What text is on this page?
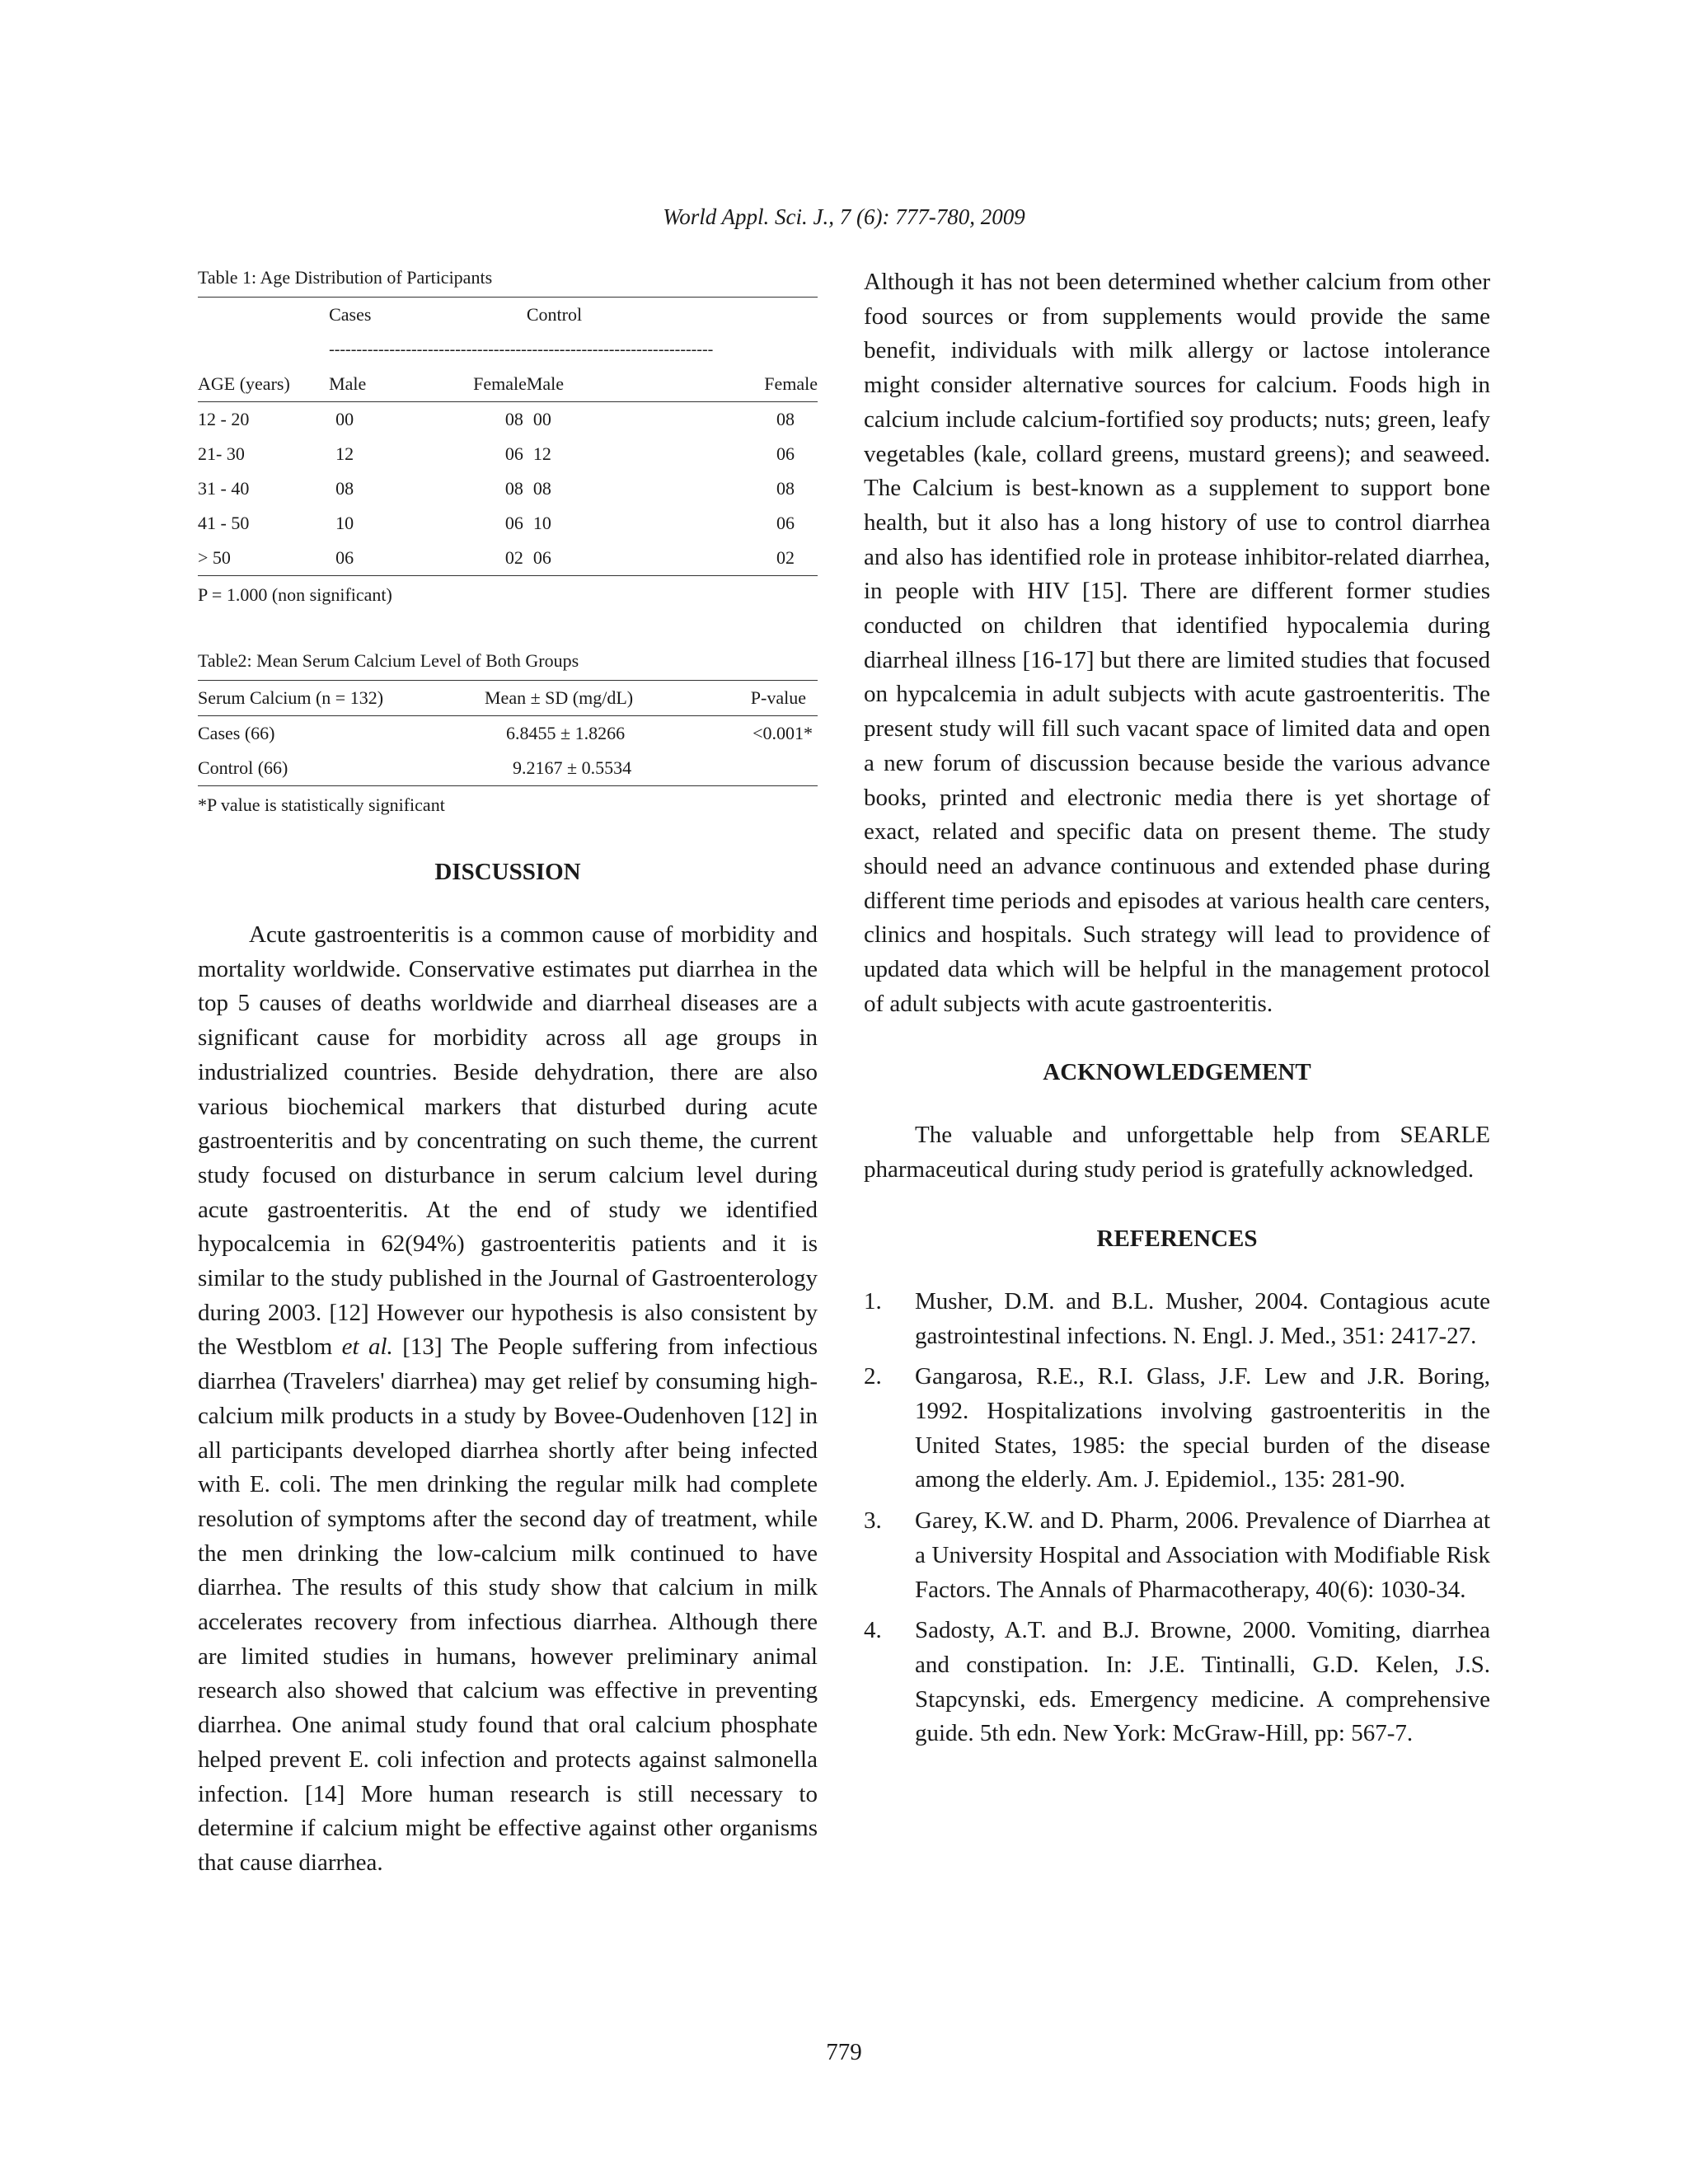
World Appl. Sci. J., 7 (6): 777-780, 2009
Table 1: Age Distribution of Participants
	Cases		Control	
	------------------------------------		----------------------------------	
AGE (years)	Male	Female	Male	Female
12 - 20	00	08	00	08
21- 30	12	06	12	06
31 - 40	08	08	08	08
41 - 50	10	06	10	06
> 50	06	02	06	02
P = 1.000 (non significant)
Table2: Mean Serum Calcium Level of Both Groups
Serum Calcium (n = 132)	Mean ± SD (mg/dL)	P-value
Cases (66)	6.8455 ± 1.8266	<0.001*
Control (66)	9.2167 ± 0.5534	
*P value is statistically significant
DISCUSSION

Acute gastroenteritis is a common cause of morbidity and mortality worldwide. Conservative estimates put diarrhea in the top 5 causes of deaths worldwide and diarrheal diseases are a significant cause for morbidity across all age groups in industrialized countries. Beside dehydration, there are also various biochemical markers that disturbed during acute gastroenteritis and by concentrating on such theme, the current study focused on disturbance in serum calcium level during acute gastroenteritis. At the end of study we identified hypocalcemia in 62(94%) gastroenteritis patients and it is similar to the study published in the Journal of Gastroenterology during 2003. [12] However our hypothesis is also consistent by the Westblom et al. [13] The People suffering from infectious diarrhea (Travelers' diarrhea) may get relief by consuming high-calcium milk products in a study by Bovee-Oudenhoven [12] in all participants developed diarrhea shortly after being infected with E. coli. The men drinking the regular milk had complete resolution of symptoms after the second day of treatment, while the men drinking the low-calcium milk continued to have diarrhea. The results of this study show that calcium in milk accelerates recovery from infectious diarrhea. Although there are limited studies in humans, however preliminary animal research also showed that calcium was effective in preventing diarrhea. One animal study found that oral calcium phosphate helped prevent E. coli infection and protects against salmonella infection. [14] More human research is still necessary to determine if calcium might be effective against other organisms that cause diarrhea.

Although it has not been determined whether calcium from other food sources or from supplements would provide the same benefit, individuals with milk allergy or lactose intolerance might consider alternative sources for calcium. Foods high in calcium include calcium-fortified soy products; nuts; green, leafy vegetables (kale, collard greens, mustard greens); and seaweed. The Calcium is best-known as a supplement to support bone health, but it also has a long history of use to control diarrhea and also has identified role in protease inhibitor-related diarrhea, in people with HIV [15]. There are different former studies conducted on children that identified hypocalemia during diarrheal illness [16-17] but there are limited studies that focused on hypcalcemia in adult subjects with acute gastroenteritis. The present study will fill such vacant space of limited data and open a new forum of discussion because beside the various advance books, printed and electronic media there is yet shortage of exact, related and specific data on present theme. The study should need an advance continuous and extended phase during different time periods and episodes at various health care centers, clinics and hospitals. Such strategy will lead to providence of updated data which will be helpful in the management protocol of adult subjects with acute gastroenteritis.

ACKNOWLEDGEMENT

The valuable and unforgettable help from SEARLE pharmaceutical during study period is gratefully acknowledged.

REFERENCES
1. Musher, D.M. and B.L. Musher, 2004. Contagious acute gastrointestinal infections. N. Engl. J. Med., 351: 2417-27.
2. Gangarosa, R.E., R.I. Glass, J.F. Lew and J.R. Boring, 1992. Hospitalizations involving gastroenteritis in the United States, 1985: the special burden of the disease among the elderly. Am. J. Epidemiol., 135: 281-90.
3. Garey, K.W. and D. Pharm, 2006. Prevalence of Diarrhea at a University Hospital and Association with Modifiable Risk Factors. The Annals of Pharmacotherapy, 40(6): 1030-34.
4. Sadosty, A.T. and B.J. Browne, 2000. Vomiting, diarrhea and constipation. In: J.E. Tintinalli, G.D. Kelen, J.S. Stapcynski, eds. Emergency medicine. A comprehensive guide. 5th edn. New York: McGraw-Hill, pp: 567-7.
779
